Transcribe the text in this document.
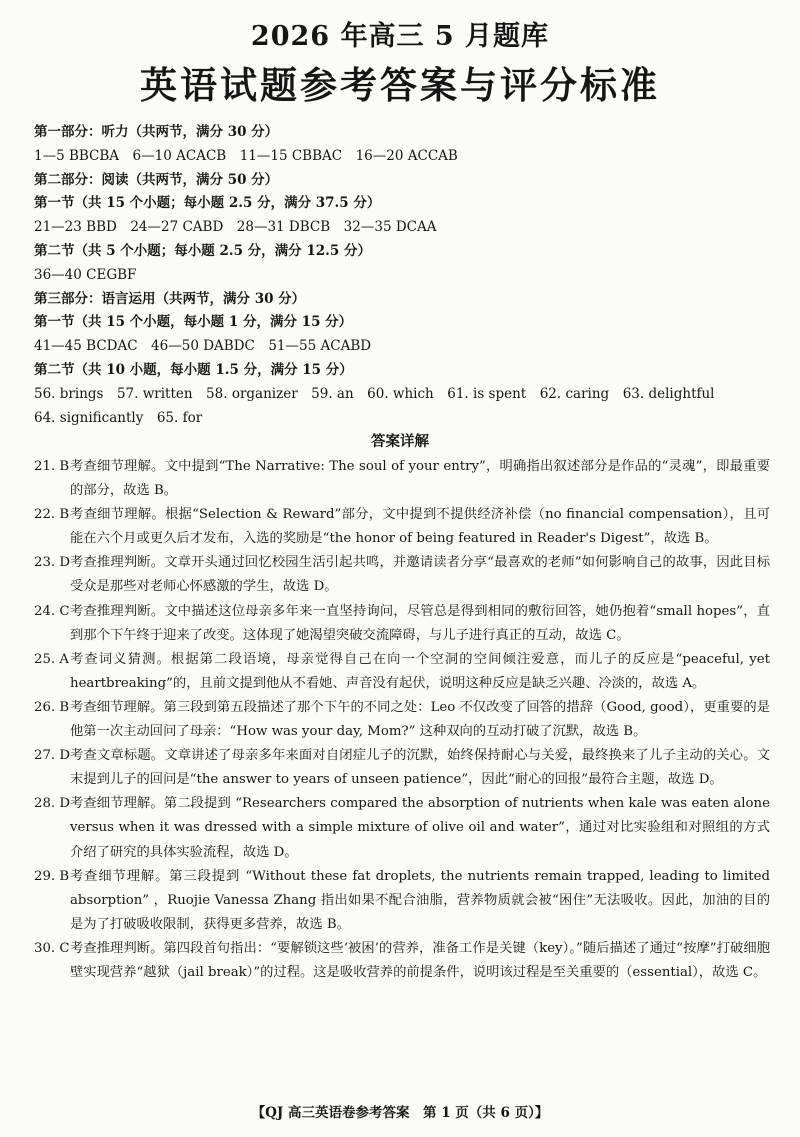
2026 年高三 5 月题库
英语试题参考答案与评分标准
第一部分：听力（共两节，满分 30 分）
1—5 BBCBA　6—10 ACACB　11—15 CBBAC　16—20 ACCAB
第二部分：阅读（共两节，满分 50 分）
第一节（共 15 个小题；每小题 2.5 分，满分 37.5 分）
21—23 BBD　24—27 CABD　28—31 DBCB　32—35 DCAA
第二节（共 5 个小题；每小题 2.5 分，满分 12.5 分）
36—40 CEGBF
第三部分：语言运用（共两节，满分 30 分）
第一节（共 15 个小题，每小题 1 分，满分 15 分）
41—45 BCDAC　46—50 DABDC　51—55 ACABD
第二节（共 10 小题，每小题 1.5 分，满分 15 分）
56. brings　57. written　58. organizer　59. an　60. which　61. is spent　62. caring　63. delightful
64. significantly　65. for
答案详解
21. B 考查细节理解。文中提到“The Narrative: The soul of your entry”，明确指出叙述部分是作品的“灵魂”，即最重要的部分，故选 B。
22. B 考查细节理解。根据“Selection & Reward”部分，文中提到不提供经济补偿（no financial compensation），且可能在六个月或更久后才发布，入选的奖励是“the honor of being featured in Reader's Digest”，故选 B。
23. D 考查推理判断。文章开头通过回忆校园生活引起共鸣，并邀请读者分享“最喜欢的老师”如何影响自己的故事，因此目标受众是那些对老师心怀感激的学生，故选 D。
24. C 考查推理判断。文中描述这位母亲多年来一直坚持询问，尽管总是得到相同的敷衍回答，她仍抱着“small hopes”，直到那个下午终于迎来了改变。这体现了她渴望突破交流障碍，与儿子进行真正的互动，故选 C。
25. A 考查词义猜测。根据第二段语境，母亲觉得自己在向一个空洞的空间倾注爱意，而儿子的反应是“peaceful, yet heartbreaking”的，且前文提到他从不看她、声音没有起伏，说明这种反应是缺乏兴趣、冷淡的，故选 A。
26. B 考查细节理解。第三段到第五段描述了那个下午的不同之处：Leo 不仅改变了回答的措辞（Good, good），更重要的是他第一次主动回问了母亲：“How was your day, Mom?” 这种双向的互动打破了沉默，故选 B。
27. D 考查文章标题。文章讲述了母亲多年来面对自闭症儿子的沉默，始终保持耐心与关爱，最终换来了儿子主动的关心。文末提到儿子的回问是“the answer to years of unseen patience”，因此“耐心的回报”最符合主题，故选 D。
28. D 考查细节理解。第二段提到 “Researchers compared the absorption of nutrients when kale was eaten alone versus when it was dressed with a simple mixture of olive oil and water”，通过对比实验组和对照组的方式介绍了研究的具体实验流程，故选 D。
29. B 考查细节理解。第三段提到 “Without these fat droplets, the nutrients remain trapped, leading to limited absorption” ，Ruojie Vanessa Zhang 指出如果不配合油脂，营养物质就会被“困住”无法吸收。因此，加油的目的是为了打破吸收限制，获得更多营养，故选 B。
30. C 考查推理判断。第四段首句指出：“要解锁这些‘被困’的营养，准备工作是关键（key）。”随后描述了通过“按摩”打破细胞壁实现营养“越狱（jail break）”的过程。这是吸收营养的前提条件，说明该过程是至关重要的（essential），故选 C。
【QJ 高三英语卷参考答案　第 1 页（共 6 页）】
